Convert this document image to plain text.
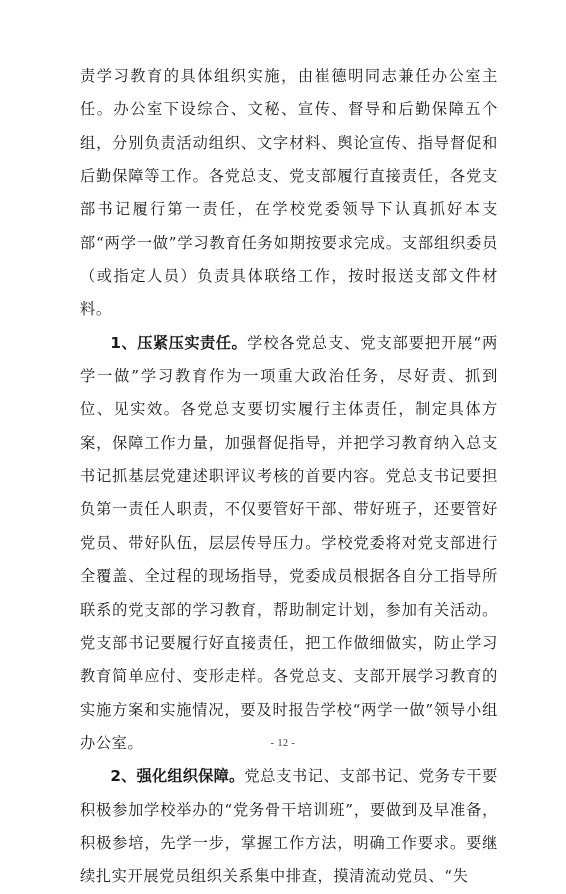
责学习教育的具体组织实施，由崔德明同志兼任办公室主任。办公室下设综合、文秘、宣传、督导和后勤保障五个组，分别负责活动组织、文字材料、舆论宣传、指导督促和后勤保障等工作。各党总支、党支部履行直接责任，各党支部书记履行第一责任，在学校党委领导下认真抓好本支部“两学一做”学习教育任务如期按要求完成。支部组织委员（或指定人员）负责具体联络工作，按时报送支部文件材料。

1、压紧压实责任。学校各党总支、党支部要把开展“两学一做”学习教育作为一项重大政治任务，尽好责、抓到位、见实效。各党总支要切实履行主体责任，制定具体方案，保障工作力量，加强督促指导，并把学习教育纳入总支书记抓基层党建述职评议考核的首要内容。党总支书记要担负第一责任人职责，不仅要管好干部、带好班子，还要管好党员、带好队伍，层层传导压力。学校党委将对党支部进行全覆盖、全过程的现场指导，党委成员根据各自分工指导所联系的党支部的学习教育，帮助制定计划，参加有关活动。党支部书记要履行好直接责任，把工作做细做实，防止学习教育简单应付、变形走样。各党总支、支部开展学习教育的实施方案和实施情况，要及时报告学校“两学一做”领导小组办公室。

2、强化组织保障。党总支书记、支部书记、党务专干要积极参加学校举办的“党务骨干培训班”，要做到及早准备，积极参培，先学一步，掌握工作方法，明确工作要求。要继续扎实开展党员组织关系集中排查，摸清流动党员、“失

- 12 -
